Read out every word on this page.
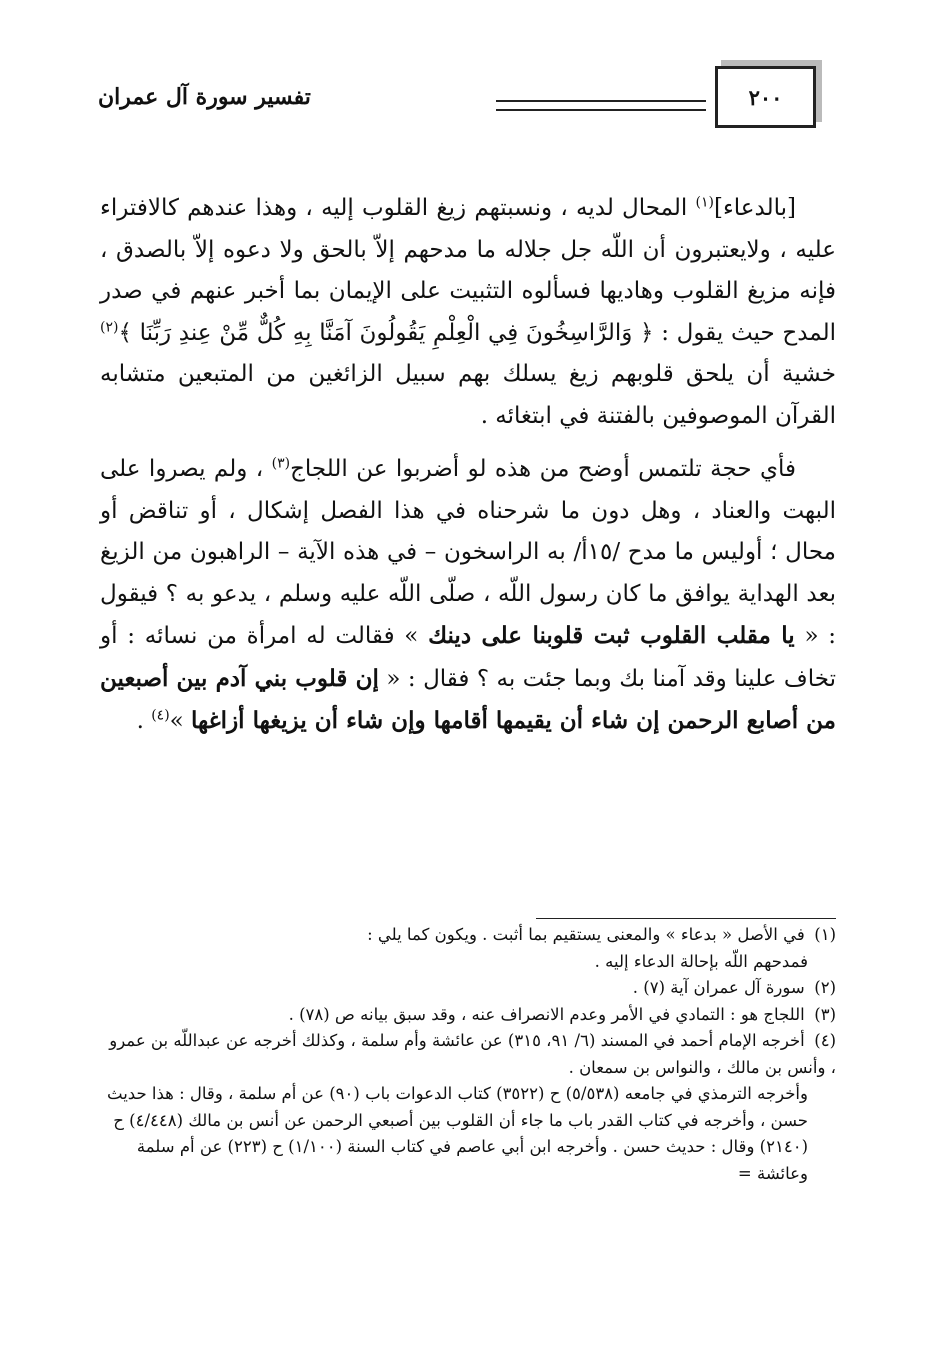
٢٠٠
تفسير سورة آل عمران

[بالدعاء]$^{(١)}$ المحال لديه ، ونسبتهم زيغ القلوب إليه ، وهذا عندهم كالافتراء عليه ، ولايعتبرون أن اللّه جل جلاله ما مدحهم إلاّ بالحق ولا دعوه إلاّ بالصدق ، فإنه مزيغ القلوب وهاديها فسألوه التثبيت على الإيمان بما أخبر عنهم في صدر المدح حيث يقول : ﴿ وَالرَّاسِخُونَ فِي الْعِلْمِ يَقُولُونَ آمَنَّا بِهِ كُلٌّ مِّنْ عِندِ رَبِّنَا ﴾$^{(٢)}$ خشية أن يلحق قلوبهم زيغ يسلك بهم سبيل الزائغين من المتبعين متشابه القرآن الموصوفين بالفتنة في ابتغائه .

فأي حجة تلتمس أوضح من هذه لو أضربوا عن اللجاج$^{(٣)}$ ، ولم يصروا على البهت والعناد ، وهل دون ما شرحناه في هذا الفصل إشكال ، أو تناقض أو محال ؛ أوليس ما مدح /١٥أ/ به الراسخون – في هذه الآية – الراهبون من الزيغ بعد الهداية يوافق ما كان رسول اللّه ، صلّى اللّه عليه وسلم ، يدعو به ؟ فيقول : « يا مقلب القلوب ثبت قلوبنا على دينك » فقالت له امرأة من نسائه : أو تخاف علينا وقد آمنا بك وبما جئت به ؟ فقال : « إن قلوب بني آدم بين أصبعين من أصابع الرحمن إن شاء أن يقيمها أقامها وإن شاء أن يزيغها أزاغها »$^{(٤)}$ .

(١) في الأصل « بدعاء » والمعنى يستقيم بما أثبت . ويكون كما يلي :

فمدحهم اللّه بإحالة الدعاء إليه .

(٢) سورة آل عمران آية (٧) .

(٣) اللجاج هو : التمادي في الأمر وعدم الانصراف عنه ، وقد سبق بيانه ص (٧٨) .

(٤) أخرجه الإمام أحمد في المسند (٦/ ٩١، ٣١٥) عن عائشة وأم سلمة ، وكذلك أخرجه عن عبداللّه بن عمرو ، وأنس بن مالك ، والنواس بن سمعان .

وأخرجه الترمذي في جامعه (٥/٥٣٨) ح (٣٥٢٢) كتاب الدعوات باب (٩٠) عن أم سلمة ، وقال : هذا حديث حسن ، وأخرجه في كتاب القدر باب ما جاء أن القلوب بين أصبعي الرحمن عن أنس بن مالك (٤/٤٤٨) ح (٢١٤٠) وقال : حديث حسن . وأخرجه ابن أبي عاصم في كتاب السنة (١/١٠٠) ح (٢٢٣) عن أم سلمة وعائشة =
